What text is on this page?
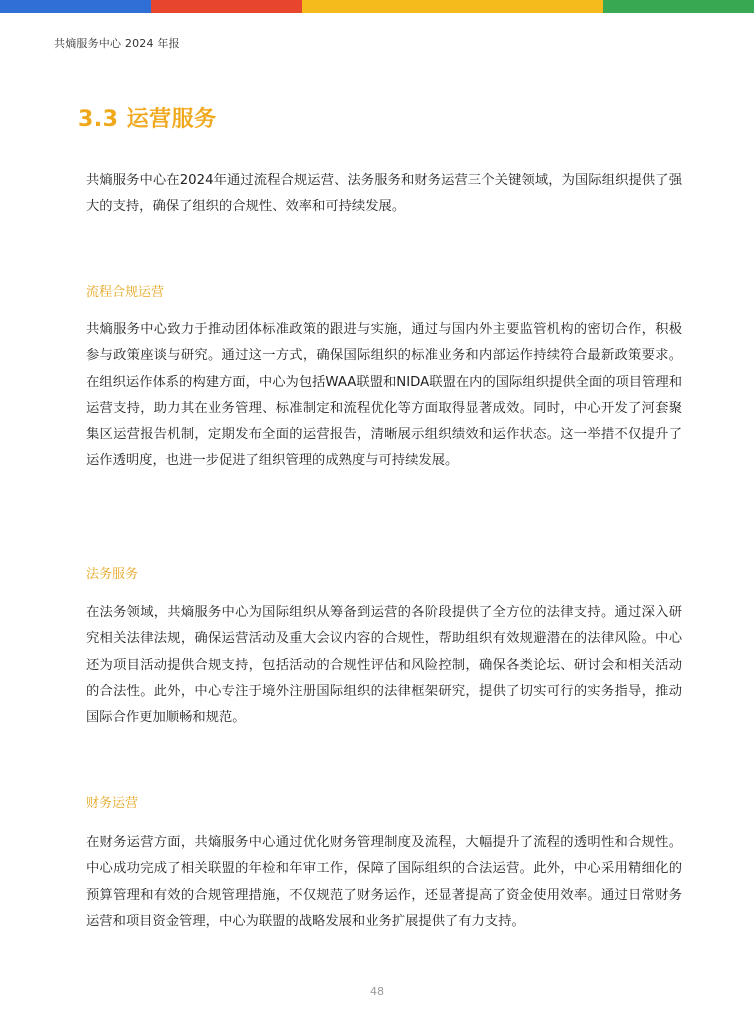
共熵服务中心 2024 年报
3.3 运营服务

共熵服务中心在2024年通过流程合规运营、法务服务和财务运营三个关键领域，为国际组织提供了强大的支持，确保了组织的合规性、效率和可持续发展。

流程合规运营

共熵服务中心致力于推动团体标准政策的跟进与实施，通过与国内外主要监管机构的密切合作，积极参与政策座谈与研究。通过这一方式，确保国际组织的标准业务和内部运作持续符合最新政策要求。在组织运作体系的构建方面，中心为包括WAA联盟和NIDA联盟在内的国际组织提供全面的项目管理和运营支持，助力其在业务管理、标准制定和流程优化等方面取得显著成效。同时，中心开发了河套聚集区运营报告机制，定期发布全面的运营报告，清晰展示组织绩效和运作状态。这一举措不仅提升了运作透明度，也进一步促进了组织管理的成熟度与可持续发展。

法务服务

在法务领域，共熵服务中心为国际组织从筹备到运营的各阶段提供了全方位的法律支持。通过深入研究相关法律法规，确保运营活动及重大会议内容的合规性，帮助组织有效规避潜在的法律风险。中心还为项目活动提供合规支持，包括活动的合规性评估和风险控制，确保各类论坛、研讨会和相关活动的合法性。此外，中心专注于境外注册国际组织的法律框架研究，提供了切实可行的实务指导，推动国际合作更加顺畅和规范。

财务运营

在财务运营方面，共熵服务中心通过优化财务管理制度及流程，大幅提升了流程的透明性和合规性。中心成功完成了相关联盟的年检和年审工作，保障了国际组织的合法运营。此外，中心采用精细化的预算管理和有效的合规管理措施，不仅规范了财务运作，还显著提高了资金使用效率。通过日常财务运营和项目资金管理，中心为联盟的战略发展和业务扩展提供了有力支持。

48
